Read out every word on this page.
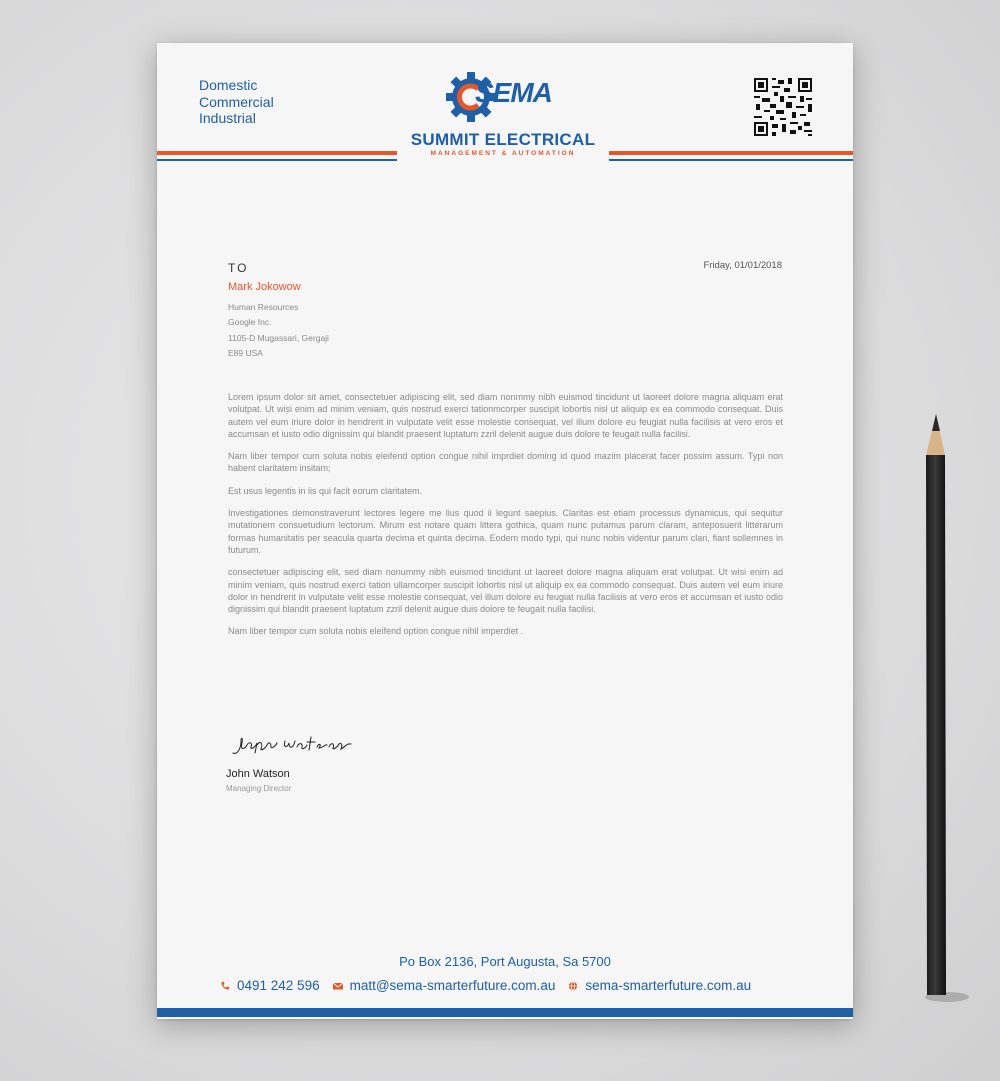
Domestic
Commercial
Industrial
SEMA
SUMMIT ELECTRICAL
MANAGEMENT & AUTOMATION
TO	Friday, 01/01/2018
Mark Jokowow
Human Resources
Google Inc.
1105-D Mugassari, Gergaji
E89 USA

Lorem ipsum dolor sit amet, consectetuer adipiscing elit, sed diam nonmmy nibh euismod tincidunt ut laoreet dolore magna aliquam erat volutpat. Ut wisi enim ad minim veniam, quis nostrud exerci tationmcorper suscipit lobortis nisl ut aliquip ex ea commodo consequat. Duis autem vel eum iriure dolor in hendrerit in vulputate velit esse molestie consequat, vel illum dolore eu feugiat nulla facilisis at vero eros et accumsan et iusto odio dignissim qui blandit praesent luptatum zzril delenit augue duis dolore te feugait nulla facilisi.

Nam liber tempor cum soluta nobis eleifend option congue nihil imprdiet doming id quod mazim placerat facer possim assum. Typi non habent claritatem insitam;

Est usus legentis in iis qui facit eorum claritatem.

Investigationes demonstraverunt lectores legere me lius quod ii legunt saepius. Claritas est etiam processus dynamicus, qui sequitur mutationem consuetudium lectorum. Mirum est notare quam littera gothica, quam nunc putamus parum claram, anteposuerit litterarum formas humanitatis per seacula quarta decima et quinta decima. Eodem modo typi, qui nunc nobis videntur parum clari, fiant sollemnes in futurum.

consectetuer adipiscing elit, sed diam nonummy nibh euismod tincidunt ut laoreet dolore magna aliquam erat volutpat. Ut wisi enim ad minim veniam, quis nostrud exerci tation ullamcorper suscipit lobortis nisl ut aliquip ex ea commodo consequat. Duis autem vel eum iriure dolor in hendrerit in vulputate velit esse molestie consequat, vel illum dolore eu feugiat nulla facilisis at vero eros et accumsan et iusto odio dignissim qui blandit praesent luptatum zzril delenit augue duis dolore te feugait nulla facilisi.

Nam liber tempor cum soluta nobis eleifend option congue nihil imperdiet .

John Watson
Managing Director
Po Box 2136, Port Augusta, Sa 5700
0491 242 596 matt@sema-smarterfuture.com.au sema-smarterfuture.com.au
